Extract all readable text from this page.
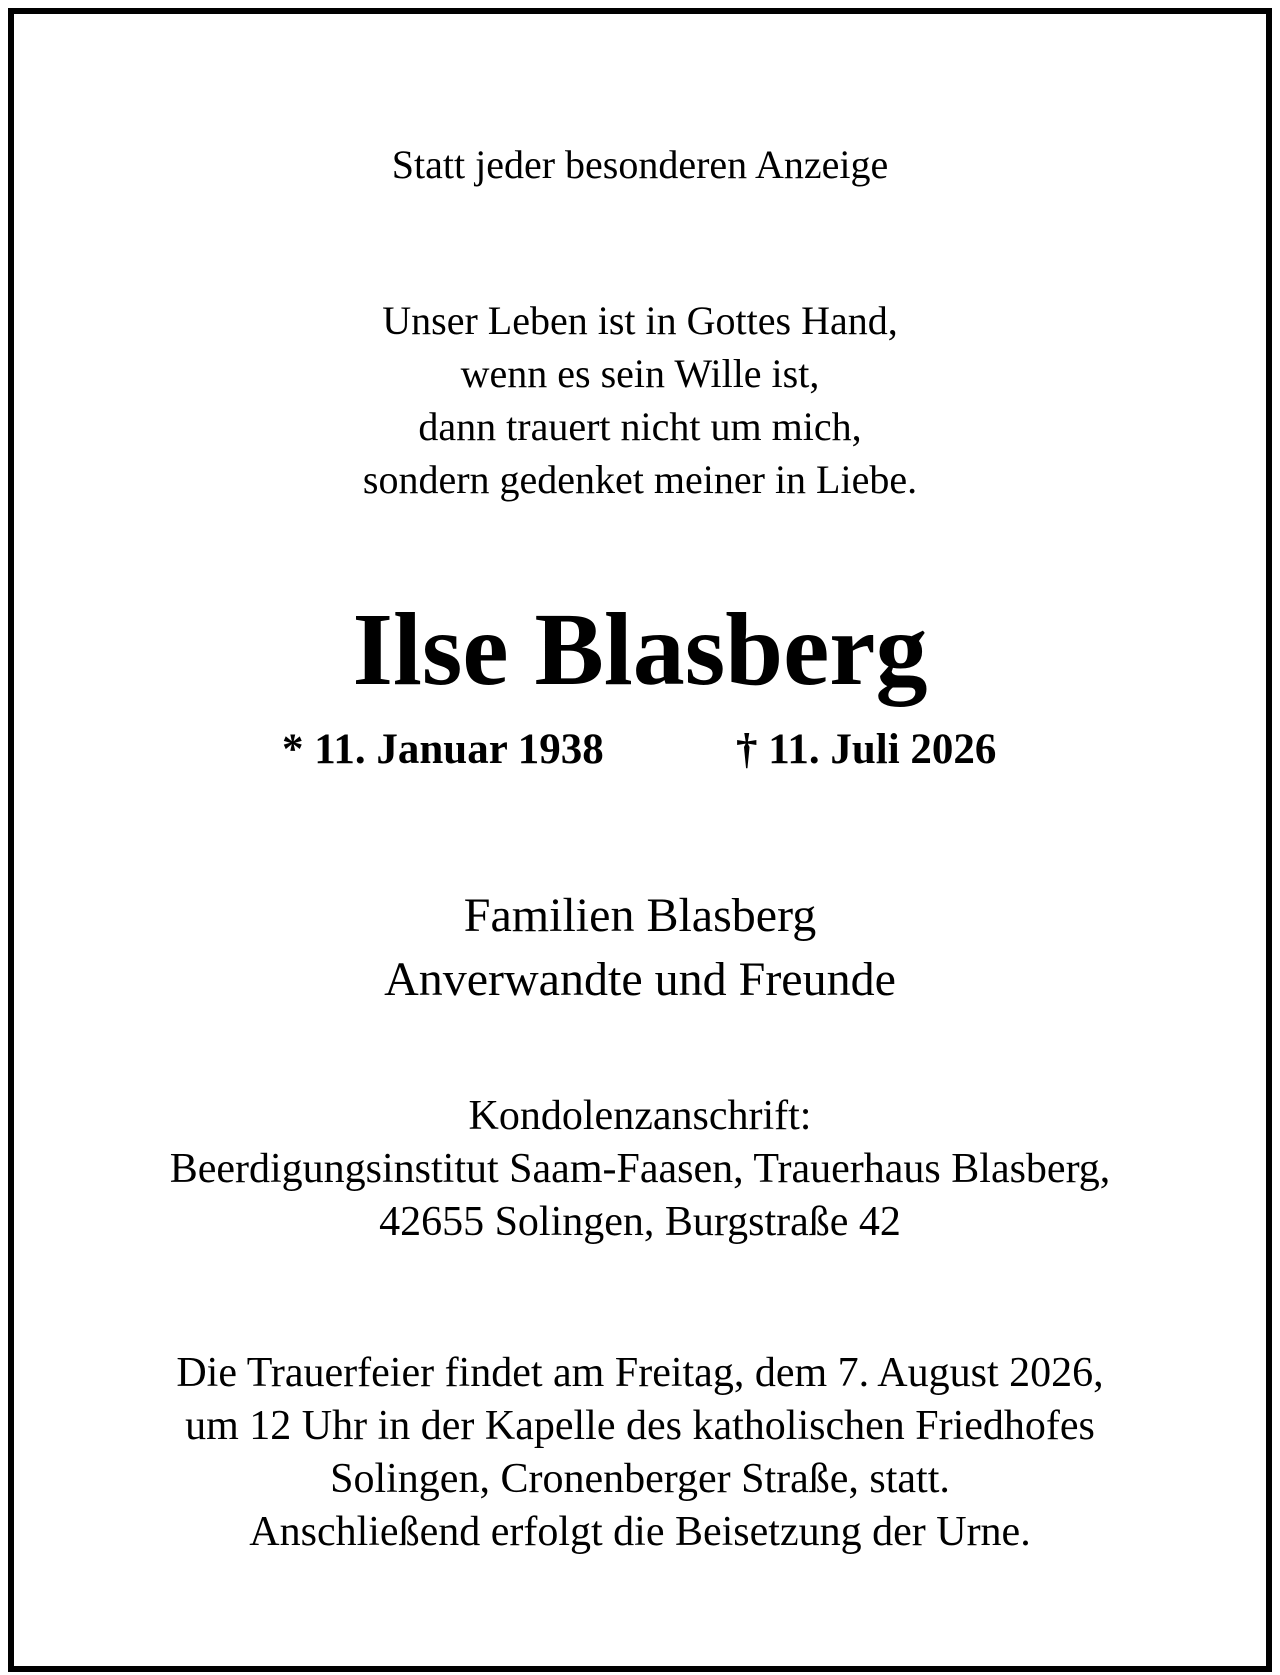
Statt jeder besonderen Anzeige
Unser Leben ist in Gottes Hand,
wenn es sein Wille ist,
dann trauert nicht um mich,
sondern gedenket meiner in Liebe.
Ilse Blasberg
* 11. Januar 1938	† 11. Juli 2026
Familien Blasberg
Anverwandte und Freunde
Kondolenzanschrift:
Beerdigungsinstitut Saam-Faasen, Trauerhaus Blasberg,
42655 Solingen, Burgstraße 42
Die Trauerfeier findet am Freitag, dem 7. August 2026,
um 12 Uhr in der Kapelle des katholischen Friedhofes
Solingen, Cronenberger Straße, statt.
Anschließend erfolgt die Beisetzung der Urne.
